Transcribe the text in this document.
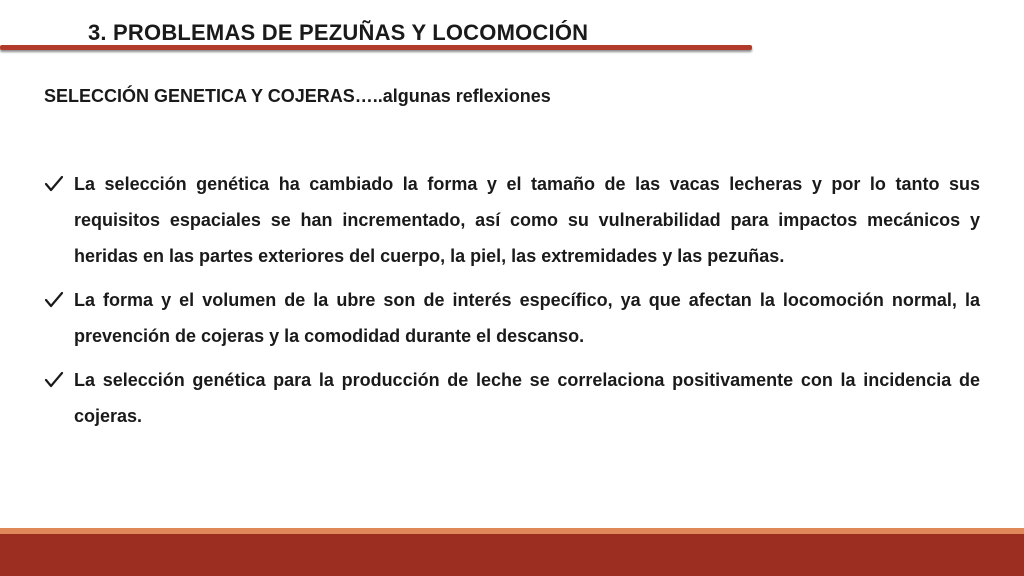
3. PROBLEMAS DE PEZUÑAS Y LOCOMOCIÓN
SELECCIÓN GENETICA Y COJERAS…..algunas reflexiones
La selección genética ha cambiado la forma y el tamaño de las vacas lecheras y por lo tanto sus requisitos espaciales se han incrementado, así como su vulnerabilidad para impactos mecánicos y heridas en las partes exteriores del cuerpo, la piel, las extremidades y las pezuñas.
La forma y el volumen de la ubre son de interés específico, ya que afectan la locomoción normal, la prevención de cojeras y la comodidad durante el descanso.
La selección genética para la producción de leche se correlaciona positivamente con la incidencia de cojeras.
